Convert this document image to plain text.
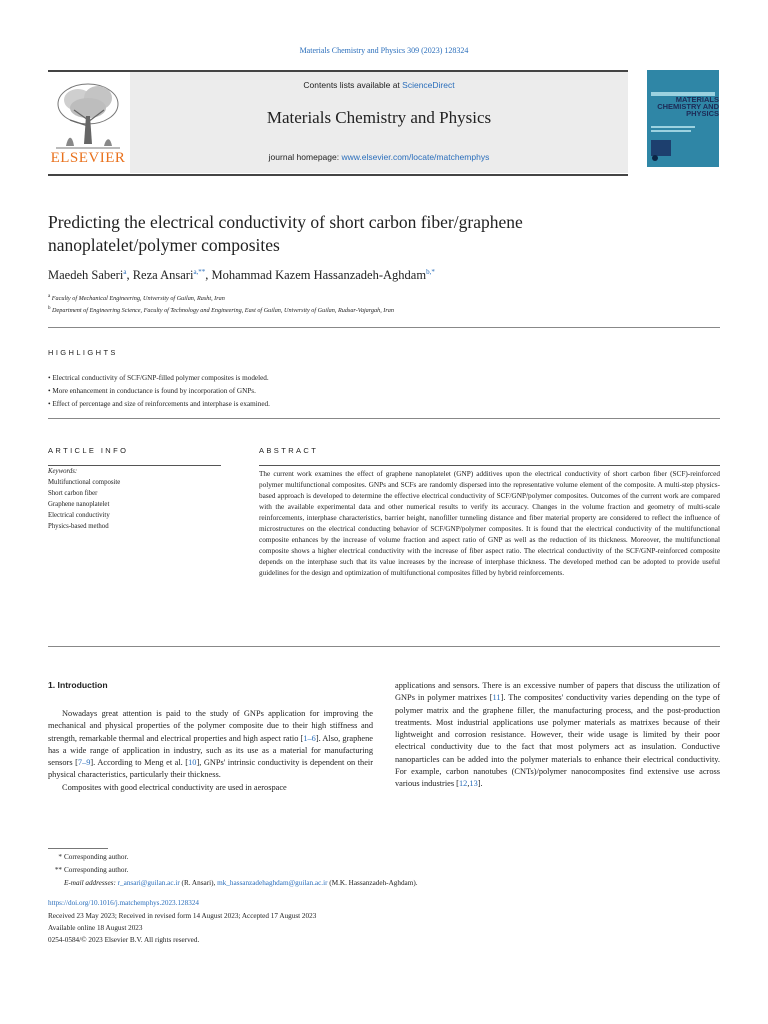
Materials Chemistry and Physics 309 (2023) 128324
Contents lists available at ScienceDirect
Materials Chemistry and Physics
journal homepage: www.elsevier.com/locate/matchemphys
ELSEVIER
MATERIALS CHEMISTRY AND PHYSICS
Predicting the electrical conductivity of short carbon fiber/graphene
nanoplatelet/polymer composites
Maedeh Saberi$^a$, Reza Ansari$^{a,**}$, Mohammad Kazem Hassanzadeh-Aghdam$^{b,*}$
$^a$ Faculty of Mechanical Engineering, University of Guilan, Rasht, Iran
$^b$ Department of Engineering Science, Faculty of Technology and Engineering, East of Guilan, University of Guilan, Rudsar-Vajargah, Iran
HIGHLIGHTS
• Electrical conductivity of SCF/GNP-filled polymer composites is modeled.
• More enhancement in conductance is found by incorporation of GNPs.
• Effect of percentage and size of reinforcements and interphase is examined.
ARTICLE INFO	ABSTRACT
Keywords:
Multifunctional composite
Short carbon fiber
Graphene nanoplatelet
Electrical conductivity
Physics-based method
The current work examines the effect of graphene nanoplatelet (GNP) additives upon the electrical conductivity of short carbon fiber (SCF)-reinforced polymer multifunctional composites. GNPs and SCFs are randomly dispersed into the representative volume element of the composite. A multi-step physics-based approach is developed to determine the effective electrical conductivity of SCF/GNP/polymer composites. Outcomes of the current work are compared with the available experimental data and other numerical results to verify its accuracy. Changes in the volume fraction and geometry of multi-scale reinforcements, interphase characteristics, barrier height, nanofiller tunneling distance and fiber material property are considered to reflect the influence of microstructures on the electrical conducting behavior of SCF/GNP/polymer composites. It is found that the electrical conductivity of the multifunctional composite enhances by the increase of volume fraction and aspect ratio of GNP as well as the reduction of its thickness. Moreover, the multifunctional composite shows a higher electrical conductivity with the increase of fiber aspect ratio. The electrical conductivity of the SCF/GNP-reinforced composite depends on the interphase such that its value increases by the increase of interphase thickness. The developed method can be adopted to provide useful guidelines for the design and optimization of multifunctional composites filled by hybrid reinforcements.
1. Introduction

Nowadays great attention is paid to the study of GNPs application for improving the mechanical and physical properties of the polymer composite due to their high stiffness and strength, remarkable thermal and electrical properties and high aspect ratio [1–6]. Also, graphene has a wide range of application in industry, such as its use as a material for manufacturing sensors [7–9]. According to Meng et al. [10], GNPs' intrinsic conductivity is dependent on their physical characteristics, particularly their thickness.

Composites with good electrical conductivity are used in aerospace

applications and sensors. There is an excessive number of papers that discuss the utilization of GNPs in polymer matrixes [11]. The composites' conductivity varies depending on the type of polymer matrix and the graphene filler, the manufacturing process, and the post-production treatments. Most industrial applications use polymer materials as matrixes because of their lightweight and corrosion resistance. However, their wide usage is limited by their poor electrical conductivity due to the fact that most polymers act as insulation. Conductive nanoparticles can be added into the polymer materials to enhance their electrical conductivity. For example, carbon nanotubes (CNTs)/polymer nanocomposites find extensive use across various industries [12,13].

* Corresponding author.
** Corresponding author.
E-mail addresses: r_ansari@guilan.ac.ir (R. Ansari), mk_hassanzadehaghdam@guilan.ac.ir (M.K. Hassanzadeh-Aghdam).
https://doi.org/10.1016/j.matchemphys.2023.128324
Received 23 May 2023; Received in revised form 14 August 2023; Accepted 17 August 2023
Available online 18 August 2023
0254-0584/© 2023 Elsevier B.V. All rights reserved.
